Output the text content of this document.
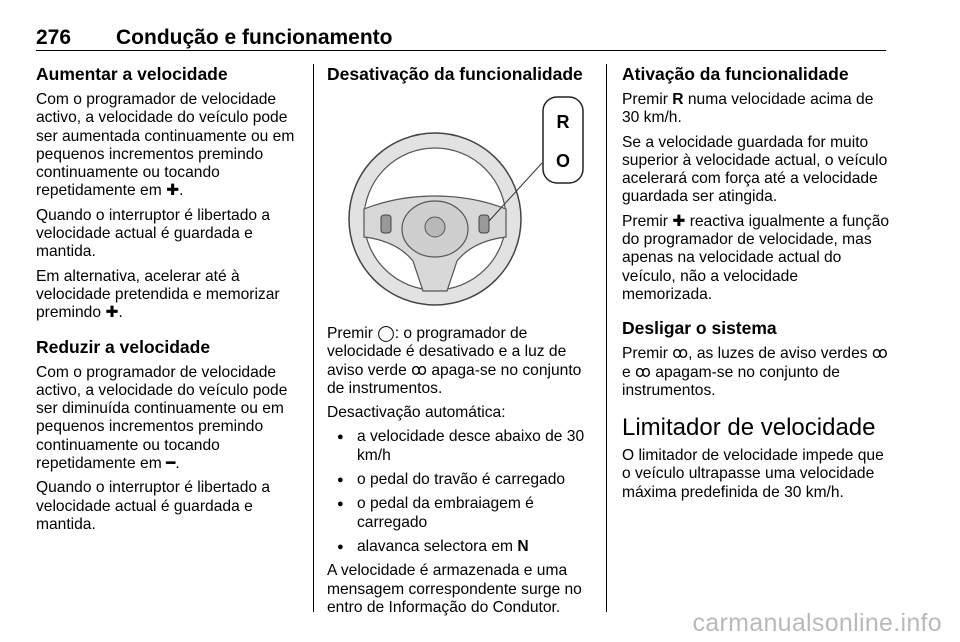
276 Condução e funcionamento
Aumentar a velocidade

Com o programador de velocidade activo, a velocidade do veículo pode ser aumentada continuamente ou em pequenos incrementos premindo continuamente ou tocando repetidamente em ✚.

Quando o interruptor é libertado a velocidade actual é guardada e mantida.

Em alternativa, acelerar até à velocidade pretendida e memorizar premindo ✚.

Reduzir a velocidade

Com o programador de velocidade activo, a velocidade do veículo pode ser diminuída continuamente ou em pequenos incrementos premindo continuamente ou tocando repetidamente em ━.

Quando o interruptor é libertado a velocidade actual é guardada e mantida.

Desativação da funcionalidade
R
O

Premir ◯: o programador de velocidade é desativado e a luz de aviso verde ꝏ apaga-se no conjunto de instrumentos.

Desactivação automática:

● a velocidade desce abaixo de 30 km/h
● o pedal do travão é carregado
● o pedal da embraiagem é carregado
● alavanca selectora em N

A velocidade é armazenada e uma mensagem correspondente surge no entro de Informação do Condutor.

Ativação da funcionalidade

Premir R numa velocidade acima de 30 km/h.

Se a velocidade guardada for muito superior à velocidade actual, o veículo acelerará com força até a velocidade guardada ser atingida.

Premir ✚ reactiva igualmente a função do programador de velocidade, mas apenas na velocidade actual do veículo, não a velocidade memorizada.

Desligar o sistema

Premir ꝏ, as luzes de aviso verdes ꝏ e ꝏ apagam-se no conjunto de instrumentos.

Limitador de velocidade

O limitador de velocidade impede que o veículo ultrapasse uma velocidade máxima predefinida de 30 km/h.

carmanualsonline.info
